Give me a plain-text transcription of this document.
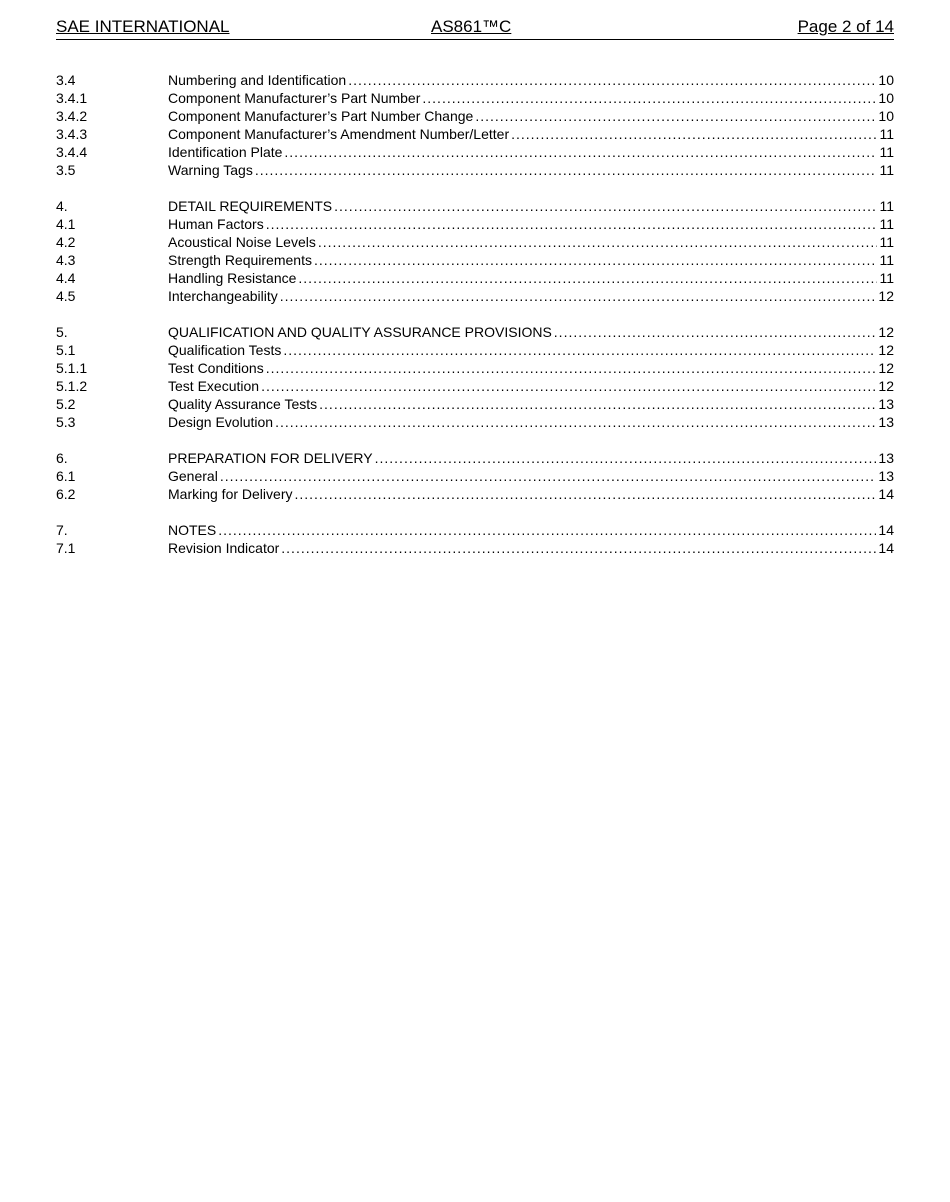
SAE INTERNATIONAL	AS861™C	Page 2 of 14
3.4	Numbering and Identification .....	10
3.4.1	Component Manufacturer’s Part Number .....	10
3.4.2	Component Manufacturer’s Part Number Change .....	10
3.4.3	Component Manufacturer’s Amendment Number/Letter .....	11
3.4.4	Identification Plate .....	11
3.5	Warning Tags .....	11
4.	DETAIL REQUIREMENTS .....	11
4.1	Human Factors .....	11
4.2	Acoustical Noise Levels .....	11
4.3	Strength Requirements .....	11
4.4	Handling Resistance .....	11
4.5	Interchangeability .....	12
5.	QUALIFICATION AND QUALITY ASSURANCE PROVISIONS .....	12
5.1	Qualification Tests .....	12
5.1.1	Test Conditions .....	12
5.1.2	Test Execution .....	12
5.2	Quality Assurance Tests .....	13
5.3	Design Evolution .....	13
6.	PREPARATION FOR DELIVERY .....	13
6.1	General .....	13
6.2	Marking for Delivery .....	14
7.	NOTES .....	14
7.1	Revision Indicator .....	14
